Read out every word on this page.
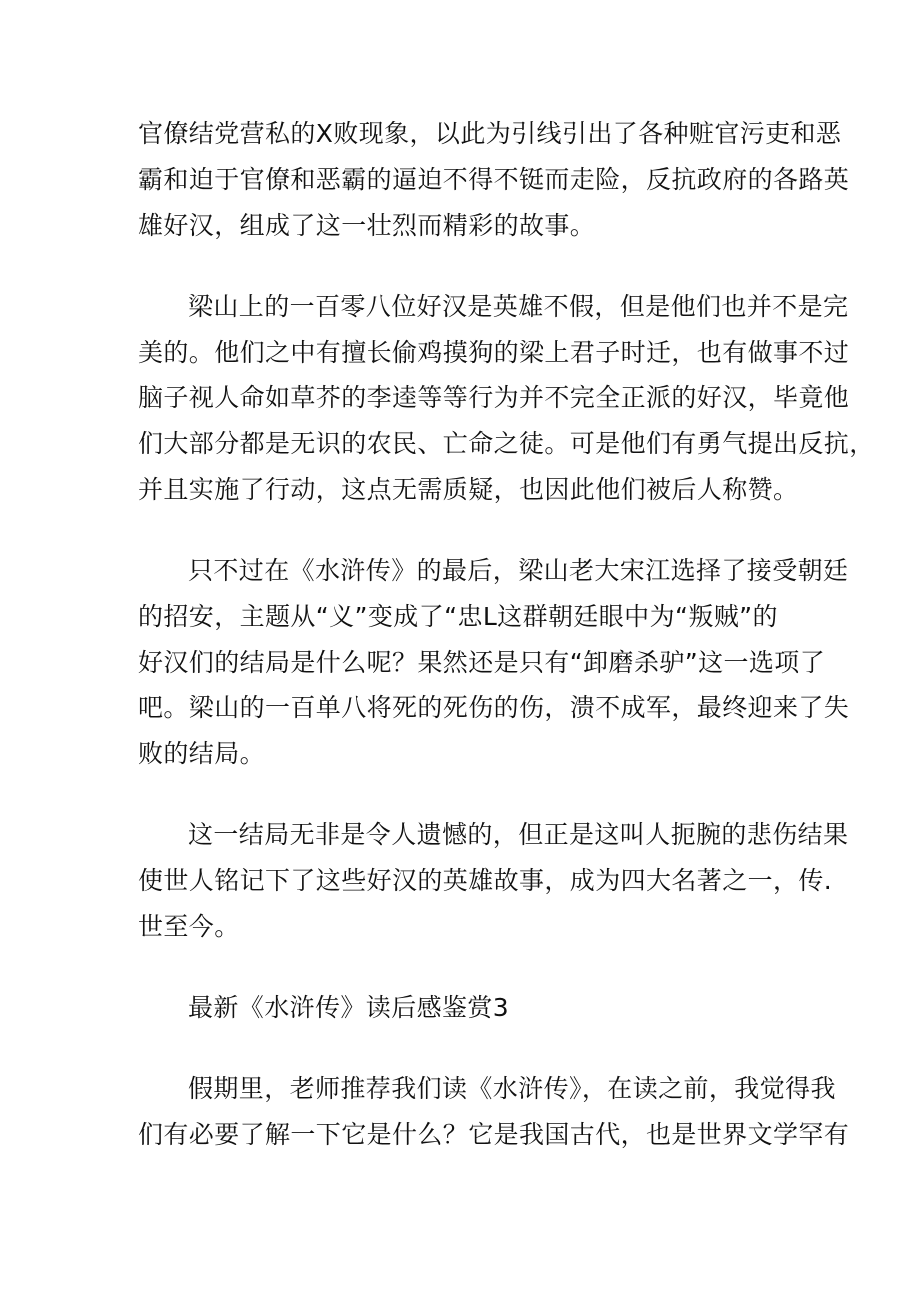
官僚结党营私的X败现象，以此为引线引出了各种赃官污吏和恶

霸和迫于官僚和恶霸的逼迫不得不铤而走险，反抗政府的各路英

雄好汉，组成了这一壮烈而精彩的故事。

梁山上的一百零八位好汉是英雄不假，但是他们也并不是完

美的。他们之中有擅长偷鸡摸狗的梁上君子时迁，也有做事不过

脑子视人命如草芥的李逵等等行为并不完全正派的好汉，毕竟他

们大部分都是无识的农民、亡命之徒。可是他们有勇气提出反抗，

并且实施了行动，这点无需质疑，也因此他们被后人称赞。

只不过在《水浒传》的最后，梁山老大宋江选择了接受朝廷

的招安，主题从“义”变成了“忠L这群朝廷眼中为“叛贼”的

好汉们的结局是什么呢？果然还是只有“卸磨杀驴”这一选项了

吧。梁山的一百单八将死的死伤的伤，溃不成军，最终迎来了失

败的结局。

这一结局无非是令人遗憾的，但正是这叫人扼腕的悲伤结果

使世人铭记下了这些好汉的英雄故事，成为四大名著之一，传.

世至今。

最新《水浒传》读后感鉴赏3

假期里，老师推荐我们读《水浒传》，在读之前，我觉得我

们有必要了解一下它是什么？它是我国古代，也是世界文学罕有
